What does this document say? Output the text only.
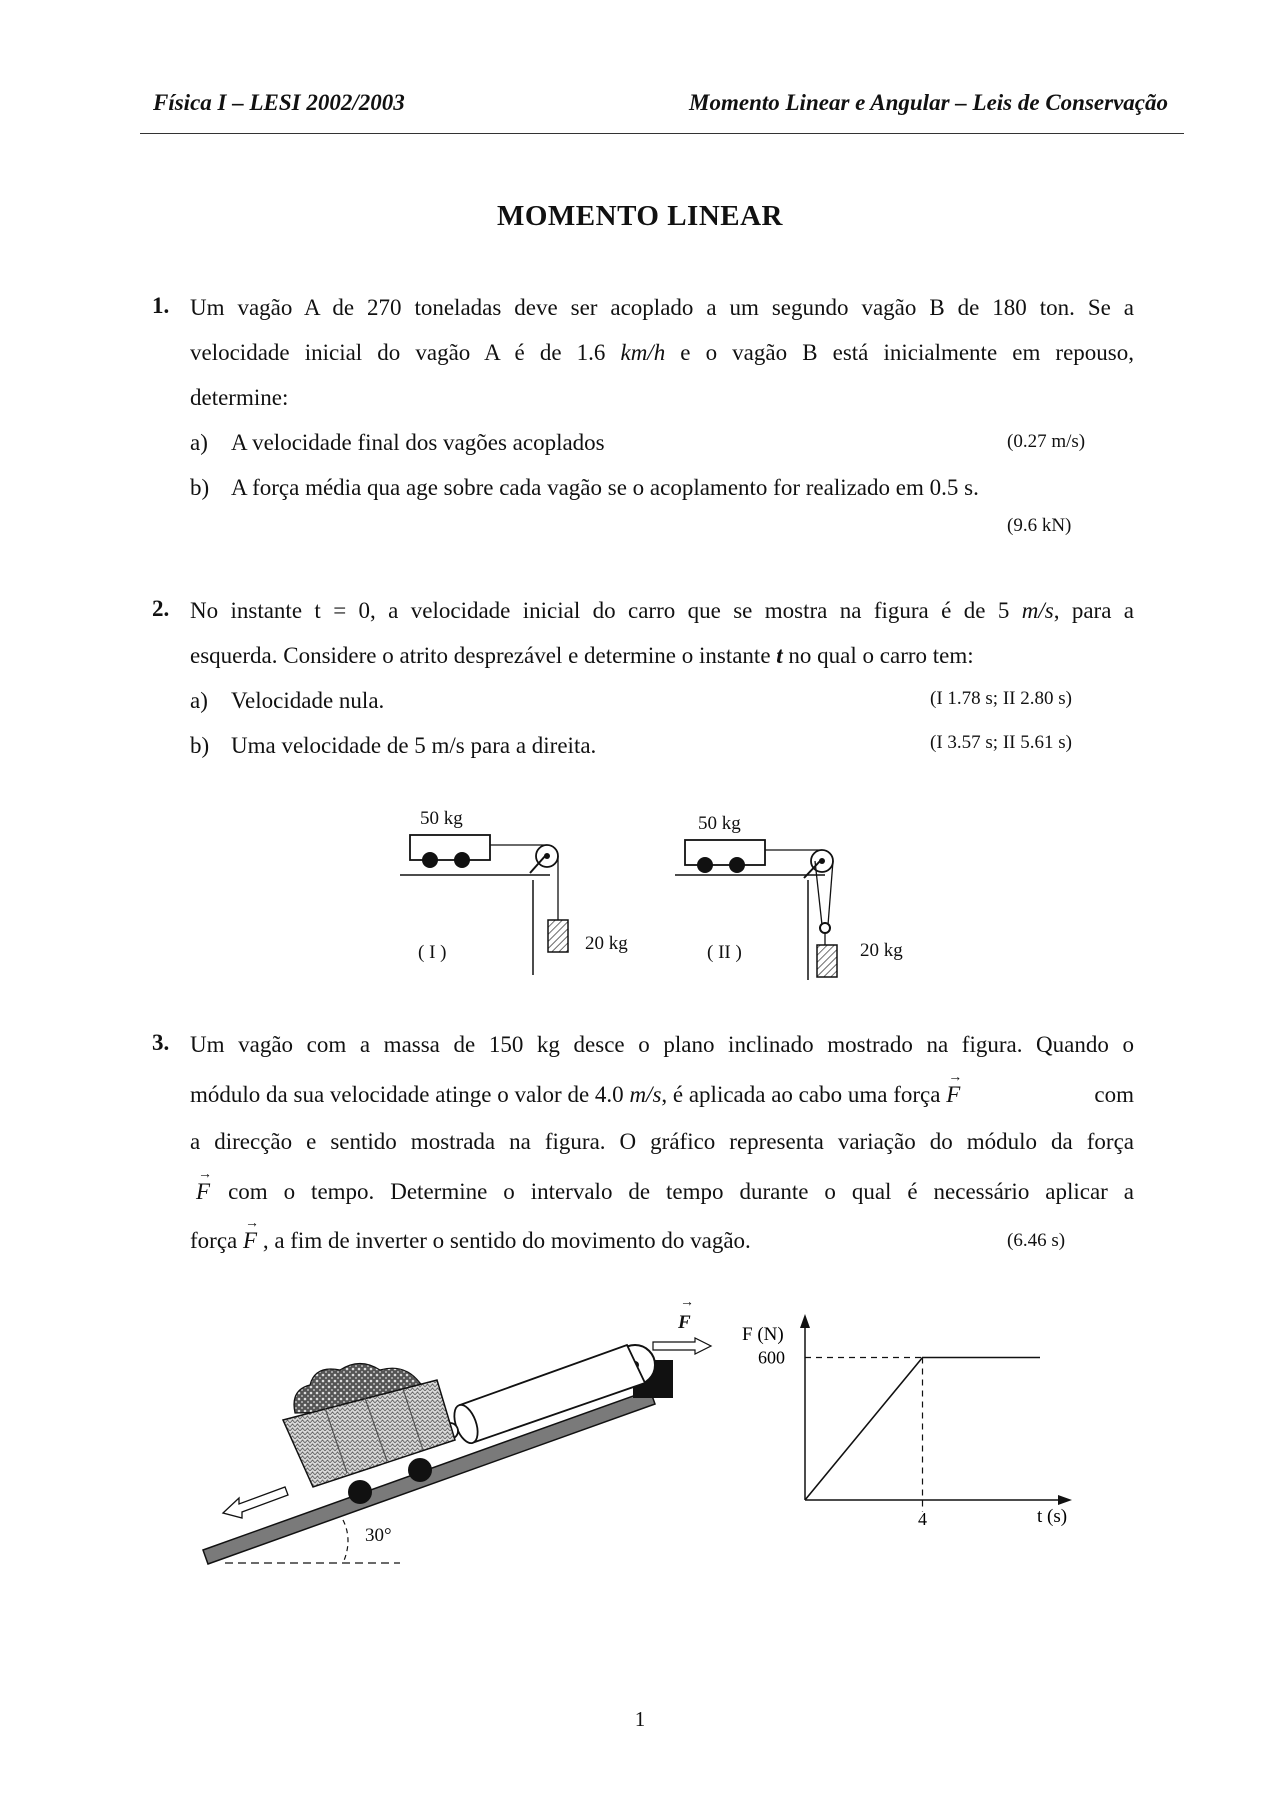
Física I – LESI 2002/2003	Momento Linear e Angular – Leis de Conservação
MOMENTO LINEAR
1. Um vagão A de 270 toneladas deve ser acoplado a um segundo vagão B de 180 ton. Se a
velocidade inicial do vagão A é de 1.6 km/h e o vagão B está inicialmente em repouso,
determine:
a) A velocidade final dos vagões acoplados	(0.27 m/s)
b) A força média qua age sobre cada vagão se o acoplamento for realizado em 0.5 s.
(9.6 kN)
2. No instante t = 0, a velocidade inicial do carro que se mostra na figura é de 5 m/s, para a
esquerda. Considere o atrito desprezável e determine o instante t no qual o carro tem:
a) Velocidade nula.	(I 1.78 s; II 2.80 s)
b) Uma velocidade de 5 m/s para a direita.	(I 3.57 s; II 5.61 s)
50 kg
20 kg
( I )
50 kg
20 kg
( II )
3. Um vagão com a massa de 150 kg desce o plano inclinado mostrado na figura. Quando o
módulo da sua velocidade atinge o valor de 4.0 m/s, é aplicada ao cabo uma força → F	com
a direcção e sentido mostrada na figura. O gráfico representa variação do módulo da força
→ F com o tempo. Determine o intervalo de tempo durante o qual é necessário aplicar a
força → F , a fim de inverter o sentido do movimento do vagão.	(6.46 s)
→ F
30°
F (N)
t (s)
600
4
1
